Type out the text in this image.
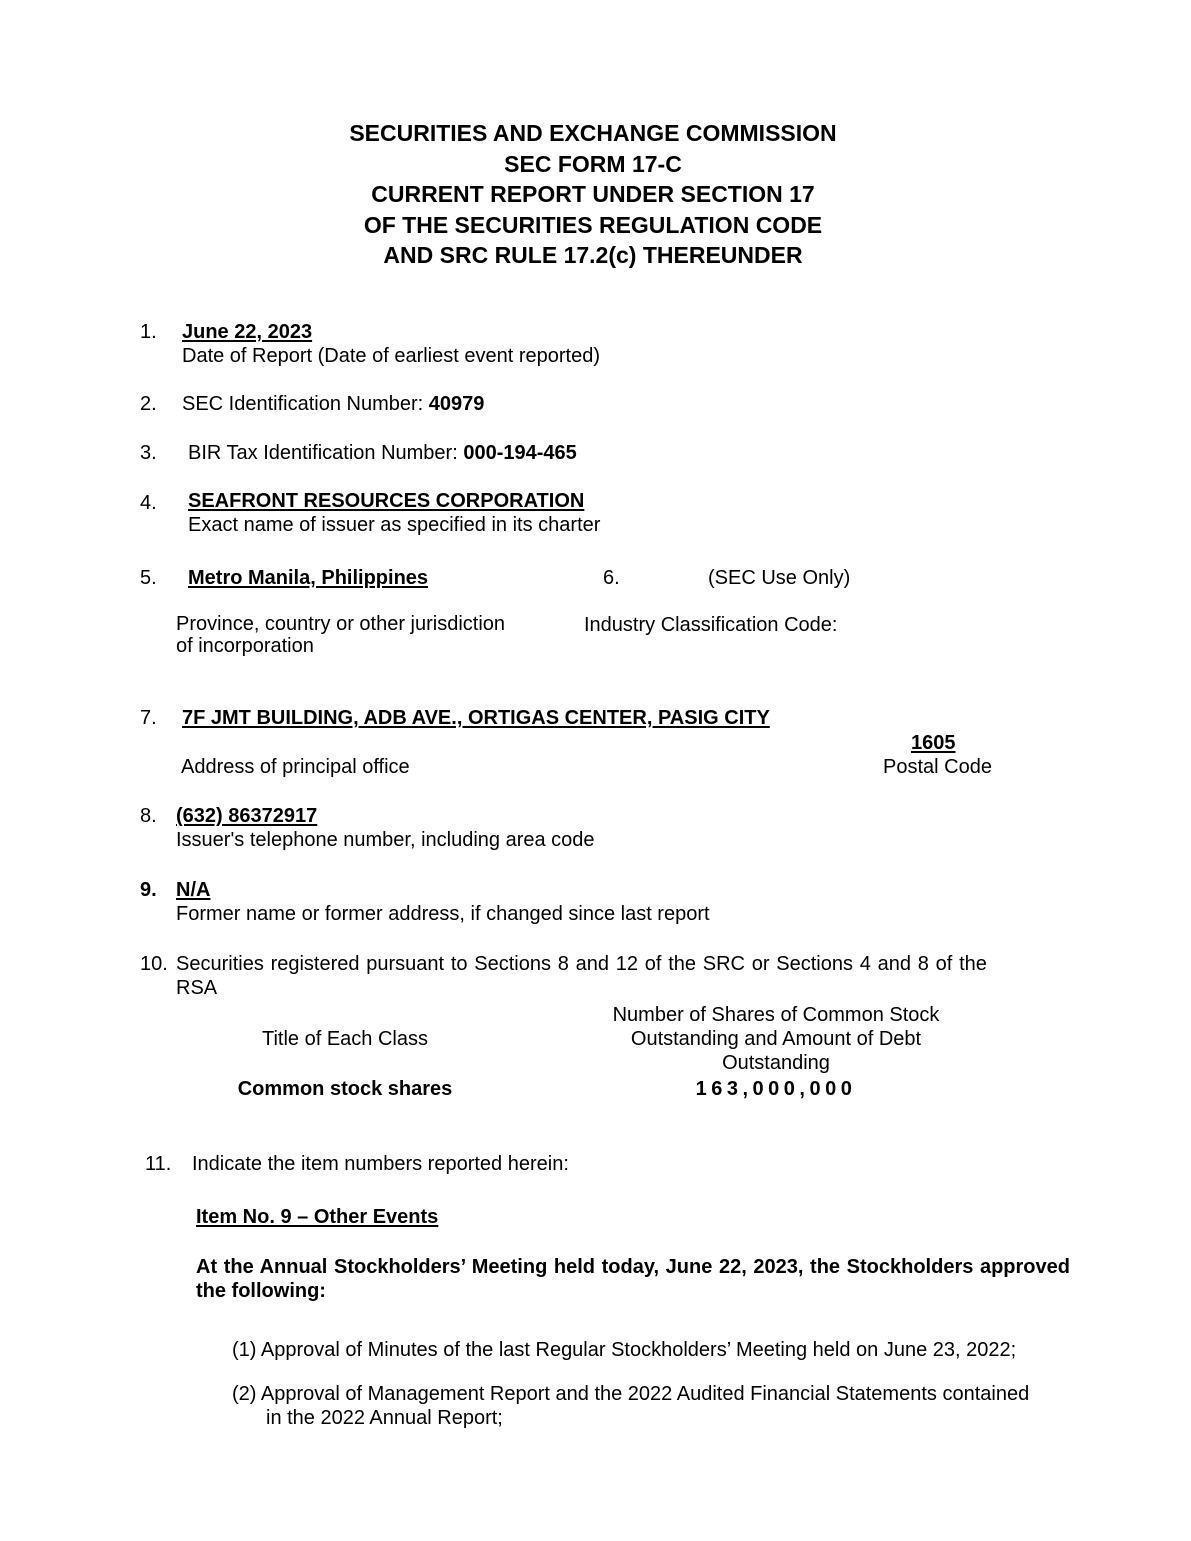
SECURITIES AND EXCHANGE COMMISSION
SEC FORM 17-C
CURRENT REPORT UNDER SECTION 17
OF THE SECURITIES REGULATION CODE
AND SRC RULE 17.2(c) THEREUNDER
1. June 22, 2023
Date of Report (Date of earliest event reported)
2. SEC Identification Number: 40979
3. BIR Tax Identification Number: 000-194-465
4. SEAFRONT RESOURCES CORPORATION
Exact name of issuer as specified in its charter
5. Metro Manila, Philippines
Province, country or other jurisdiction
of incorporation
6.	(SEC Use Only)
Industry Classification Code:
7. 7F JMT BUILDING, ADB AVE., ORTIGAS CENTER, PASIG CITY
1605
Address of principal office	Postal Code
8. (632) 86372917
Issuer's telephone number, including area code
9. N/A
Former name or former address, if changed since last report
10. Securities registered pursuant to Sections 8 and 12 of the SRC or Sections 4 and 8 of the
RSA
Title of Each Class
Number of Shares of Common Stock
Outstanding and Amount of Debt
Outstanding
Common stock shares	163,000,000
11. Indicate the item numbers reported herein:
Item No. 9 – Other Events
At the Annual Stockholders’ Meeting held today, June 22, 2023, the Stockholders approved the following:
(1) Approval of Minutes of the last Regular Stockholders’ Meeting held on June 23, 2022;
(2) Approval of Management Report and the 2022 Audited Financial Statements contained
in the 2022 Annual Report;
